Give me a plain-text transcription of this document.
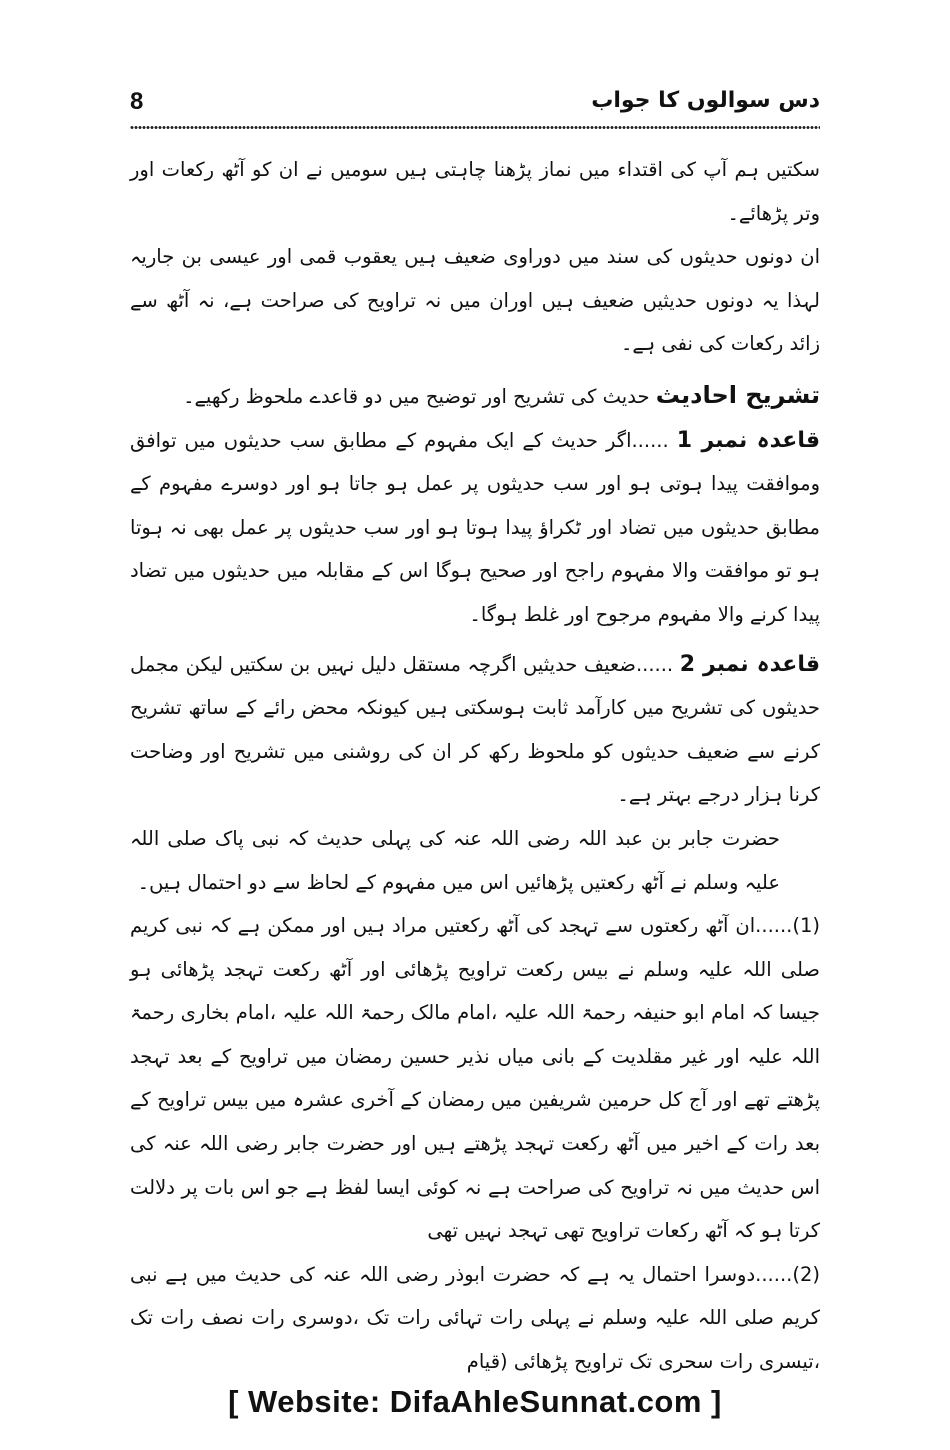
8	دس سوالوں کا جواب

سکتیں ہم آپ کی اقتداء میں نماز پڑھنا چاہتی ہیں سومیں نے ان کو آٹھ رکعات اور وتر پڑھائے۔

ان دونوں حدیثوں کی سند میں دوراوی ضعیف ہیں یعقوب قمی اور عیسی بن جاریہ لہذا یہ دونوں حدیثیں ضعیف ہیں اوران میں نہ تراویح کی صراحت ہے، نہ آٹھ سے زائد رکعات کی نفی ہے۔

تشریح احادیث حدیث کی تشریح اور توضیح میں دو قاعدے ملحوظ رکھیے۔

قاعدہ نمبر 1 ......اگر حدیث کے ایک مفہوم کے مطابق سب حدیثوں میں توافق وموافقت پیدا ہوتی ہو اور سب حدیثوں پر عمل ہو جاتا ہو اور دوسرے مفہوم کے مطابق حدیثوں میں تضاد اور ٹکراؤ پیدا ہوتا ہو اور سب حدیثوں پر عمل بھی نہ ہوتا ہو تو موافقت والا مفہوم راجح اور صحیح ہوگا اس کے مقابلہ میں حدیثوں میں تضاد پیدا کرنے والا مفہوم مرجوح اور غلط ہوگا۔

قاعدہ نمبر 2 ......ضعیف حدیثیں اگرچہ مستقل دلیل نہیں بن سکتیں لیکن مجمل حدیثوں کی تشریح میں کارآمد ثابت ہوسکتی ہیں کیونکہ محض رائے کے ساتھ تشریح کرنے سے ضعیف حدیثوں کو ملحوظ رکھ کر ان کی روشنی میں تشریح اور وضاحت کرنا ہزار درجے بہتر ہے۔

حضرت جابر بن عبد اللہ رضی اللہ عنہ کی پہلی حدیث کہ نبی پاک صلی اللہ علیہ وسلم نے آٹھ رکعتیں پڑھائیں اس میں مفہوم کے لحاظ سے دو احتمال ہیں۔

(1)......ان آٹھ رکعتوں سے تہجد کی آٹھ رکعتیں مراد ہیں اور ممکن ہے کہ نبی کریم صلی اللہ علیہ وسلم نے بیس رکعت تراویح پڑھائی اور آٹھ رکعت تہجد پڑھائی ہو جیسا کہ امام ابو حنیفہ رحمۃ اللہ علیہ ،امام مالک رحمۃ اللہ علیہ ،امام بخاری رحمۃ اللہ علیہ اور غیر مقلدیت کے بانی میاں نذیر حسین رمضان میں تراویح کے بعد تہجد پڑھتے تھے اور آج کل حرمین شریفین میں رمضان کے آخری عشرہ میں بیس تراویح کے بعد رات کے اخیر میں آٹھ رکعت تہجد پڑھتے ہیں اور حضرت جابر رضی اللہ عنہ کی اس حدیث میں نہ تراویح کی صراحت ہے نہ کوئی ایسا لفظ ہے جو اس بات پر دلالت کرتا ہو کہ آٹھ رکعات تراویح تھی تہجد نہیں تھی

(2)......دوسرا احتمال یہ ہے کہ حضرت ابوذر رضی اللہ عنہ کی حدیث میں ہے نبی کریم صلی اللہ علیہ وسلم نے پہلی رات تہائی رات تک ،دوسری رات نصف رات تک ،تیسری رات سحری تک تراویح پڑھائی (قیام

[ Website: DifaAhleSunnat.com ]
